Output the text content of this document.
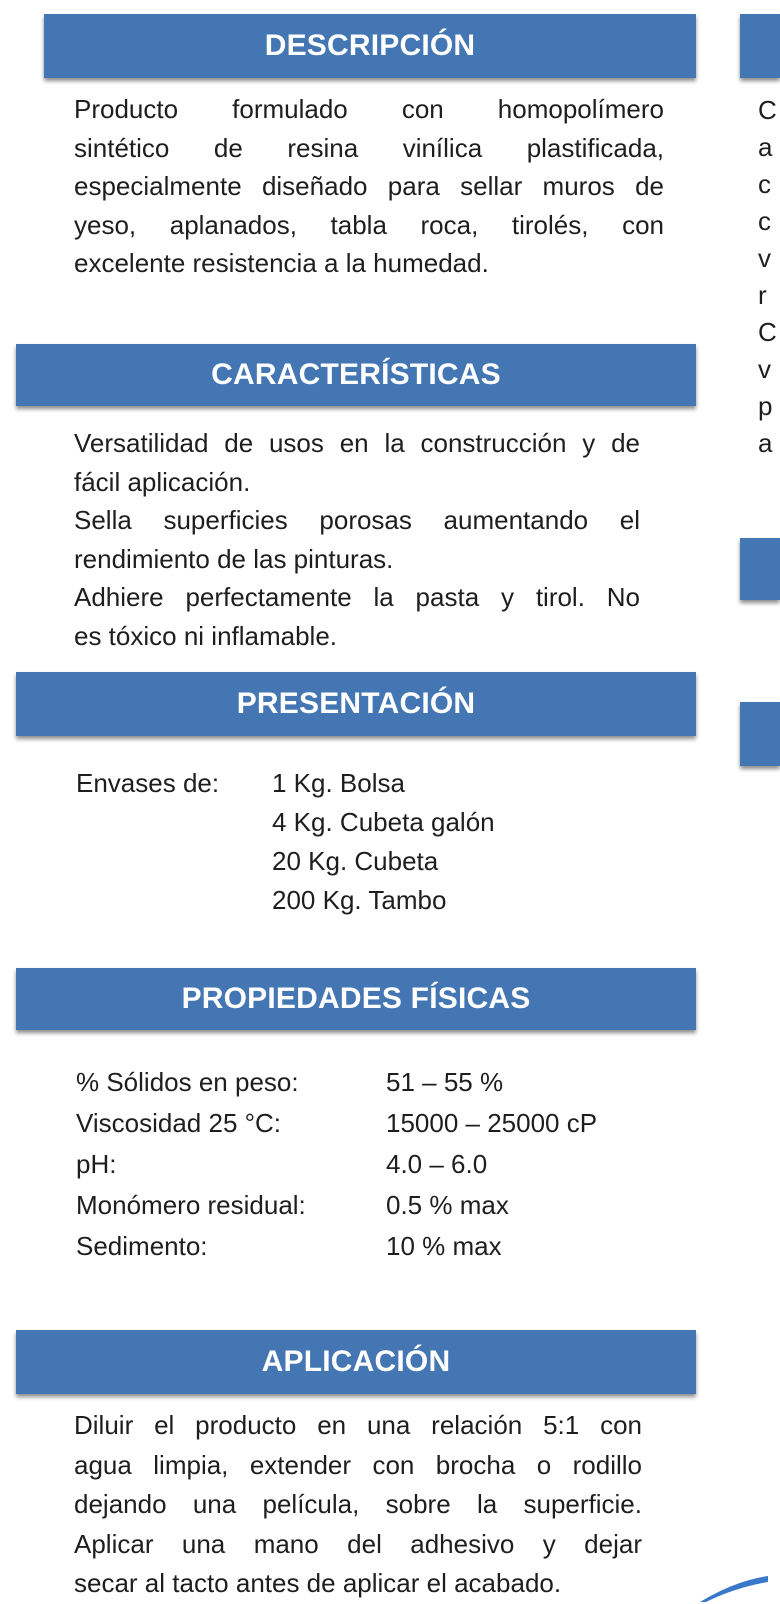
DESCRIPCIÓN

Producto formulado con homopolímero

sintético de resina vinílica plastificada,

especialmente diseñado para sellar muros de

yeso, aplanados, tabla roca, tirolés, con

excelente resistencia a la humedad.

CARACTERÍSTICAS

Versatilidad de usos en la construcción y de

fácil aplicación.

Sella superficies porosas aumentando el

rendimiento de las pinturas.

Adhiere perfectamente la pasta y tirol. No

es tóxico ni inflamable.

PRESENTACIÓN
Envases de:	1 Kg. Bolsa
4 Kg. Cubeta galón
20 Kg. Cubeta
200 Kg. Tambo
PROPIEDADES FÍSICAS
% Sólidos en peso:	51 – 55 %
Viscosidad 25 °C:	15000 – 25000 cP
pH:	4.0 – 6.0
Monómero residual:	0.5 % max
Sedimento:	10 % max
APLICACIÓN

Diluir el producto en una relación 5:1 con

agua limpia, extender con brocha o rodillo

dejando una película, sobre la superficie.

Aplicar una mano del adhesivo y dejar

secar al tacto antes de aplicar el acabado.

C
a
c
c
v
r
C
v
p
a
